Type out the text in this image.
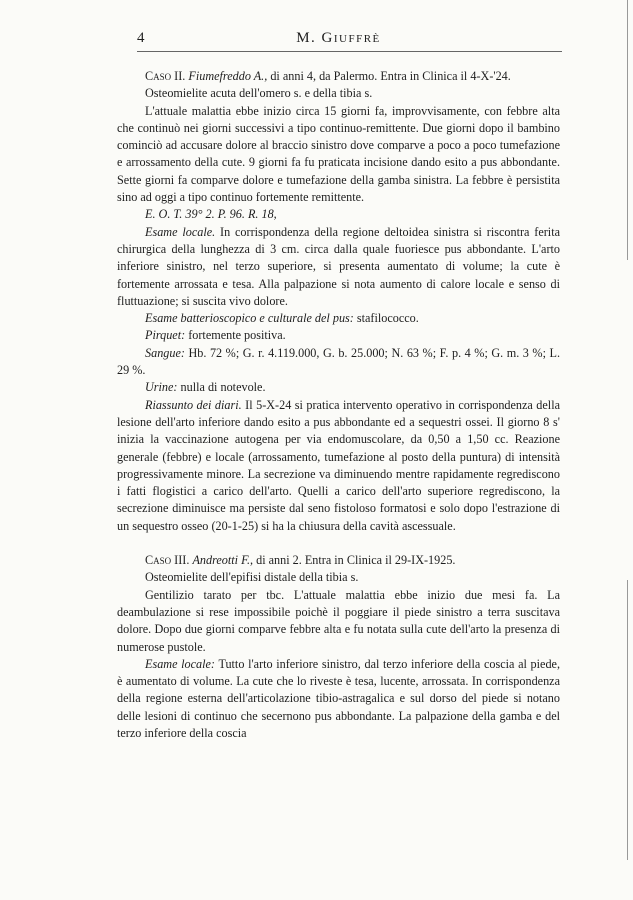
4	M. Giuffrè

Caso II. Fiumefreddo A., di anni 4, da Palermo. Entra in Clinica il 4-X-'24.

Osteomielite acuta dell'omero s. e della tibia s.

L'attuale malattia ebbe inizio circa 15 giorni fa, improvvisamente, con febbre alta che continuò nei giorni successivi a tipo continuo-remittente. Due giorni dopo il bambino cominciò ad accusare dolore al braccio sinistro dove comparve a poco a poco tumefazione e arrossamento della cute. 9 giorni fa fu praticata incisione dando esito a pus abbondante. Sette giorni fa comparve dolore e tumefazione della gamba sinistra. La febbre è persistita sino ad oggi a tipo continuo fortemente remittente.

E. O. T. 39° 2. P. 96. R. 18,

Esame locale. In corrispondenza della regione deltoidea sinistra si riscontra ferita chirurgica della lunghezza di 3 cm. circa dalla quale fuoriesce pus abbondante. L'arto inferiore sinistro, nel terzo superiore, si presenta aumentato di volume; la cute è fortemente arrossata e tesa. Alla palpazione si nota aumento di calore locale e senso di fluttuazione; si suscita vivo dolore.

Esame batterioscopico e culturale del pus: stafilococco.

Pirquet: fortemente positiva.

Sangue: Hb. 72 %; G. r. 4.119.000, G. b. 25.000; N. 63 %; F. p. 4 %; G. m. 3 %; L. 29 %.

Urine: nulla di notevole.

Riassunto dei diari. Il 5-X-24 si pratica intervento operativo in corrispondenza della lesione dell'arto inferiore dando esito a pus abbondante ed a sequestri ossei. Il giorno 8 s' inizia la vaccinazione autogena per via endomuscolare, da 0,50 a 1,50 cc. Reazione generale (febbre) e locale (arrossamento, tumefazione al posto della puntura) di intensità progressivamente minore. La secrezione va diminuendo mentre rapidamente regrediscono i fatti flogistici a carico dell'arto. Quelli a carico dell'arto superiore regrediscono, la secrezione diminuisce ma persiste dal seno fistoloso formatosi e solo dopo l'estrazione di un sequestro osseo (20-1-25) si ha la chiusura della cavità ascessuale.

Caso III. Andreotti F., di anni 2. Entra in Clinica il 29-IX-1925.

Osteomielite dell'epifisi distale della tibia s.

Gentilizio tarato per tbc. L'attuale malattia ebbe inizio due mesi fa. La deambulazione si rese impossibile poichè il poggiare il piede sinistro a terra suscitava dolore. Dopo due giorni comparve febbre alta e fu notata sulla cute dell'arto la presenza di numerose pustole.

Esame locale: Tutto l'arto inferiore sinistro, dal terzo inferiore della coscia al piede, è aumentato di volume. La cute che lo riveste è tesa, lucente, arrossata. In corrispondenza della regione esterna dell'articolazione tibio-astragalica e sul dorso del piede si notano delle lesioni di continuo che secernono pus abbondante. La palpazione della gamba e del terzo inferiore della coscia
